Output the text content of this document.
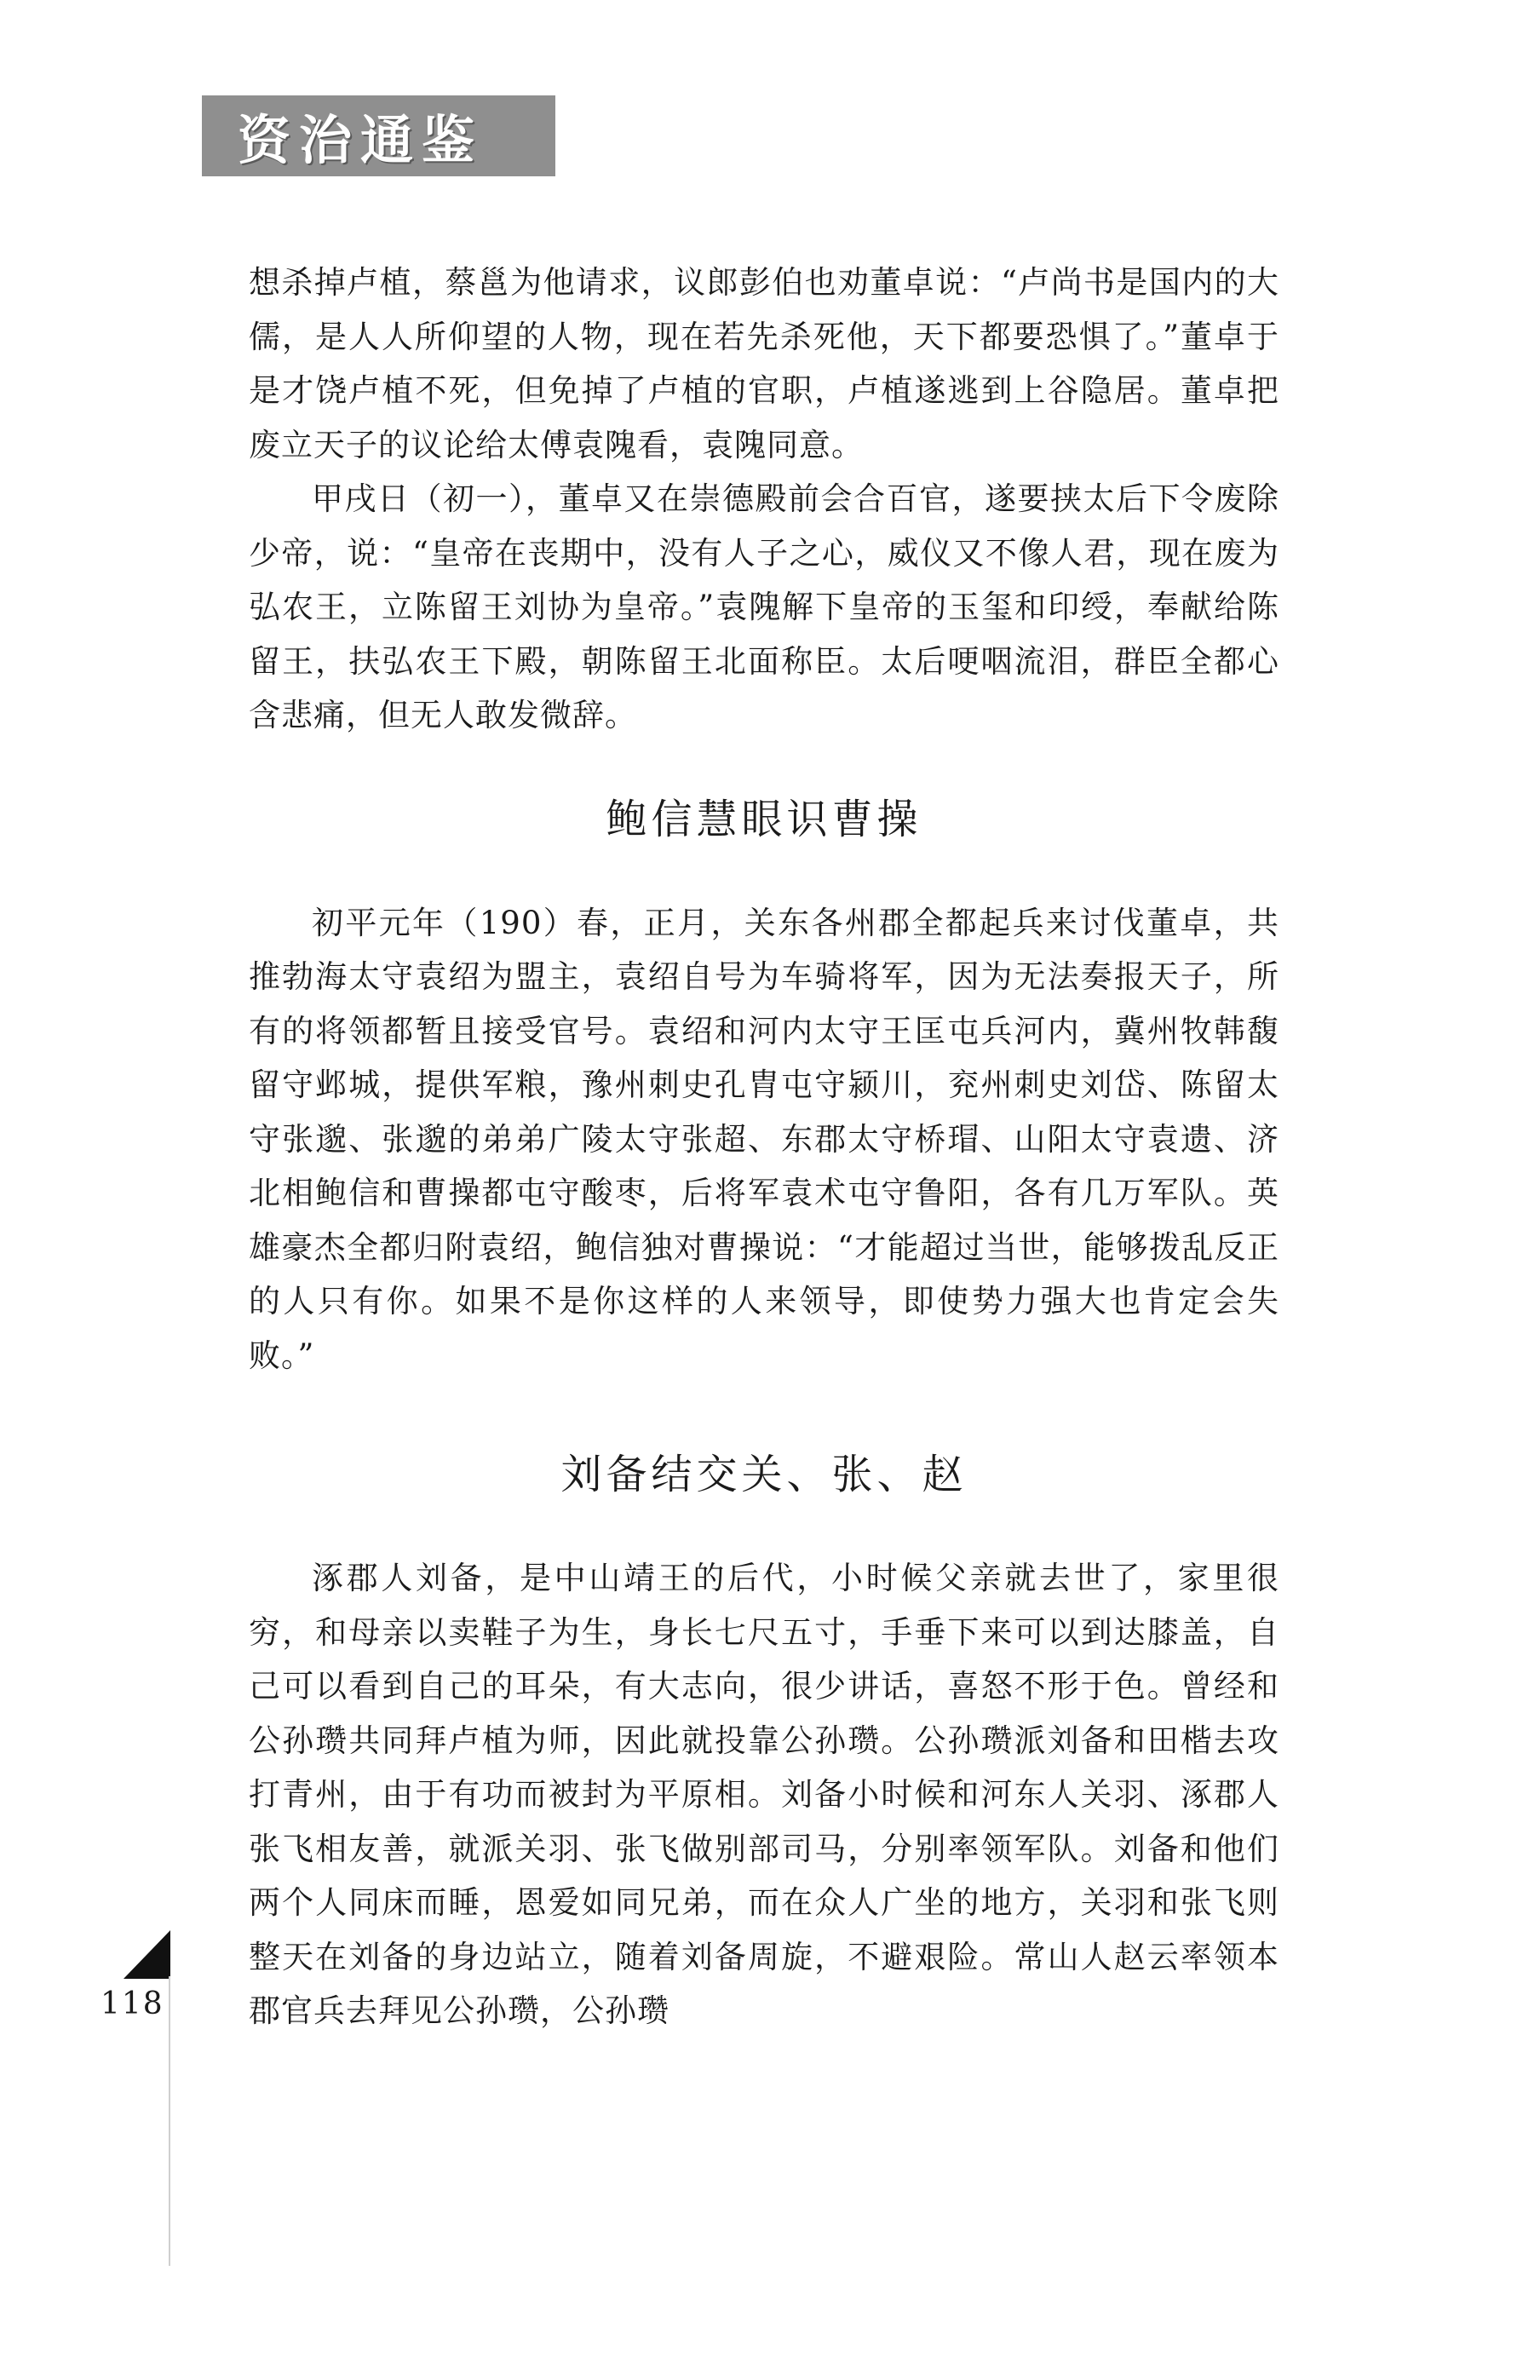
资治通鉴

想杀掉卢植，蔡邕为他请求，议郎彭伯也劝董卓说：“卢尚书是国内的大儒，是人人所仰望的人物，现在若先杀死他，天下都要恐惧了。”董卓于是才饶卢植不死，但免掉了卢植的官职，卢植遂逃到上谷隐居。董卓把废立天子的议论给太傅袁隗看，袁隗同意。

甲戌日（初一），董卓又在崇德殿前会合百官，遂要挟太后下令废除少帝，说：“皇帝在丧期中，没有人子之心，威仪又不像人君，现在废为弘农王，立陈留王刘协为皇帝。”袁隗解下皇帝的玉玺和印绶，奉献给陈留王，扶弘农王下殿，朝陈留王北面称臣。太后哽咽流泪，群臣全都心含悲痛，但无人敢发微辞。

鲍信慧眼识曹操

初平元年（190）春，正月，关东各州郡全都起兵来讨伐董卓，共推勃海太守袁绍为盟主，袁绍自号为车骑将军，因为无法奏报天子，所有的将领都暂且接受官号。袁绍和河内太守王匡屯兵河内，冀州牧韩馥留守邺城，提供军粮，豫州刺史孔胄屯守颍川，兖州刺史刘岱、陈留太守张邈、张邈的弟弟广陵太守张超、东郡太守桥瑁、山阳太守袁遗、济北相鲍信和曹操都屯守酸枣，后将军袁术屯守鲁阳，各有几万军队。英雄豪杰全都归附袁绍，鲍信独对曹操说：“才能超过当世，能够拨乱反正的人只有你。如果不是你这样的人来领导，即使势力强大也肯定会失败。”

刘备结交关、张、赵

涿郡人刘备，是中山靖王的后代，小时候父亲就去世了，家里很穷，和母亲以卖鞋子为生，身长七尺五寸，手垂下来可以到达膝盖，自己可以看到自己的耳朵，有大志向，很少讲话，喜怒不形于色。曾经和公孙瓒共同拜卢植为师，因此就投靠公孙瓒。公孙瓒派刘备和田楷去攻打青州，由于有功而被封为平原相。刘备小时候和河东人关羽、涿郡人张飞相友善，就派关羽、张飞做别部司马，分别率领军队。刘备和他们两个人同床而睡，恩爱如同兄弟，而在众人广坐的地方，关羽和张飞则整天在刘备的身边站立，随着刘备周旋，不避艰险。常山人赵云率领本郡官兵去拜见公孙瓒，公孙瓒

118
